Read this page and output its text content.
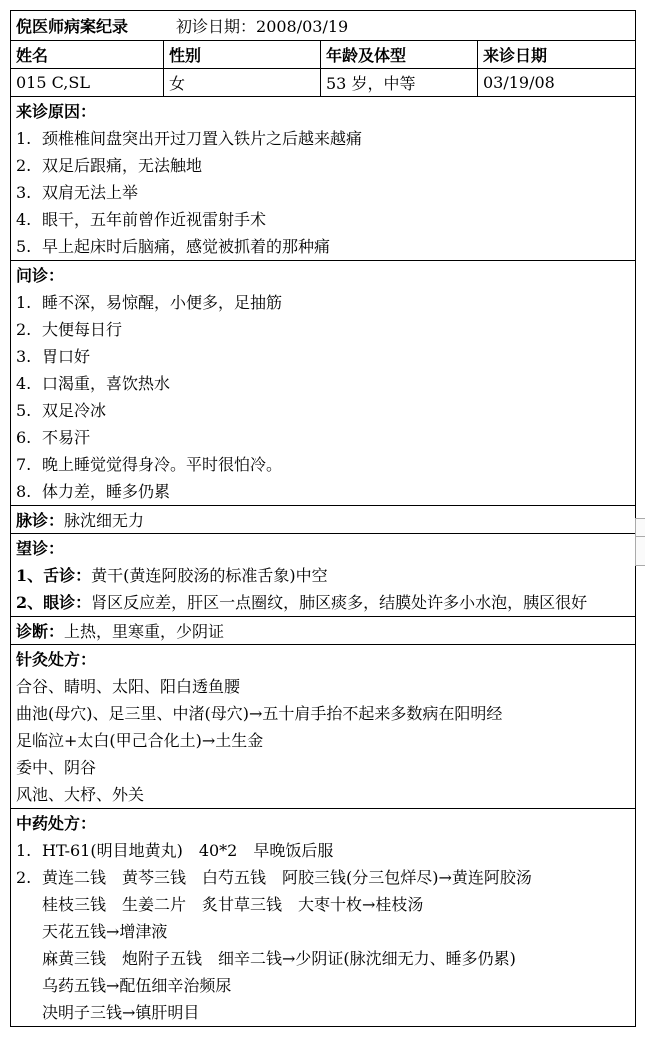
倪医师病案纪录	初诊日期：2008/03/19
姓名	性别	年龄及体型	来诊日期
015 C,SL	女	53 岁，中等	03/19/08
来诊原因：
1. 颈椎椎间盘突出开过刀置入铁片之后越来越痛
2. 双足后跟痛，无法触地
3. 双肩无法上举
4. 眼干，五年前曾作近视雷射手术
5. 早上起床时后脑痛，感觉被抓着的那种痛
问诊：
1. 睡不深，易惊醒，小便多，足抽筋
2. 大便每日行
3. 胃口好
4. 口渴重，喜饮热水
5. 双足冷冰
6. 不易汗
7. 晚上睡觉觉得身冷。平时很怕冷。
8. 体力差，睡多仍累
脉诊： 脉沈细无力
望诊：
1、舌诊：黄干(黄连阿胶汤的标准舌象)中空
2、眼诊：肾区反应差，肝区一点圈纹，肺区痰多，结膜处许多小水泡，胰区很好
诊断： 上热，里寒重，少阴证
针灸处方：
合谷、睛明、太阳、阳白透鱼腰
曲池(母穴)、足三里、中渚(母穴)→五十肩手抬不起来多数病在阳明经
足临泣+太白(甲己合化土)→土生金
委中、阴谷
风池、大杼、外关
中药处方：
1. HT-61(明目地黄丸)　40*2　早晚饭后服
2. 黄连二钱　黄芩三钱　白芍五钱　阿胶三钱(分三包烊尽)→黄连阿胶汤
桂枝三钱　生姜二片　炙甘草三钱　大枣十枚→桂枝汤
天花五钱→增津液
麻黄三钱　炮附子五钱　细辛二钱→少阴证(脉沈细无力、睡多仍累)
乌药五钱→配伍细辛治频尿
决明子三钱→镇肝明目
